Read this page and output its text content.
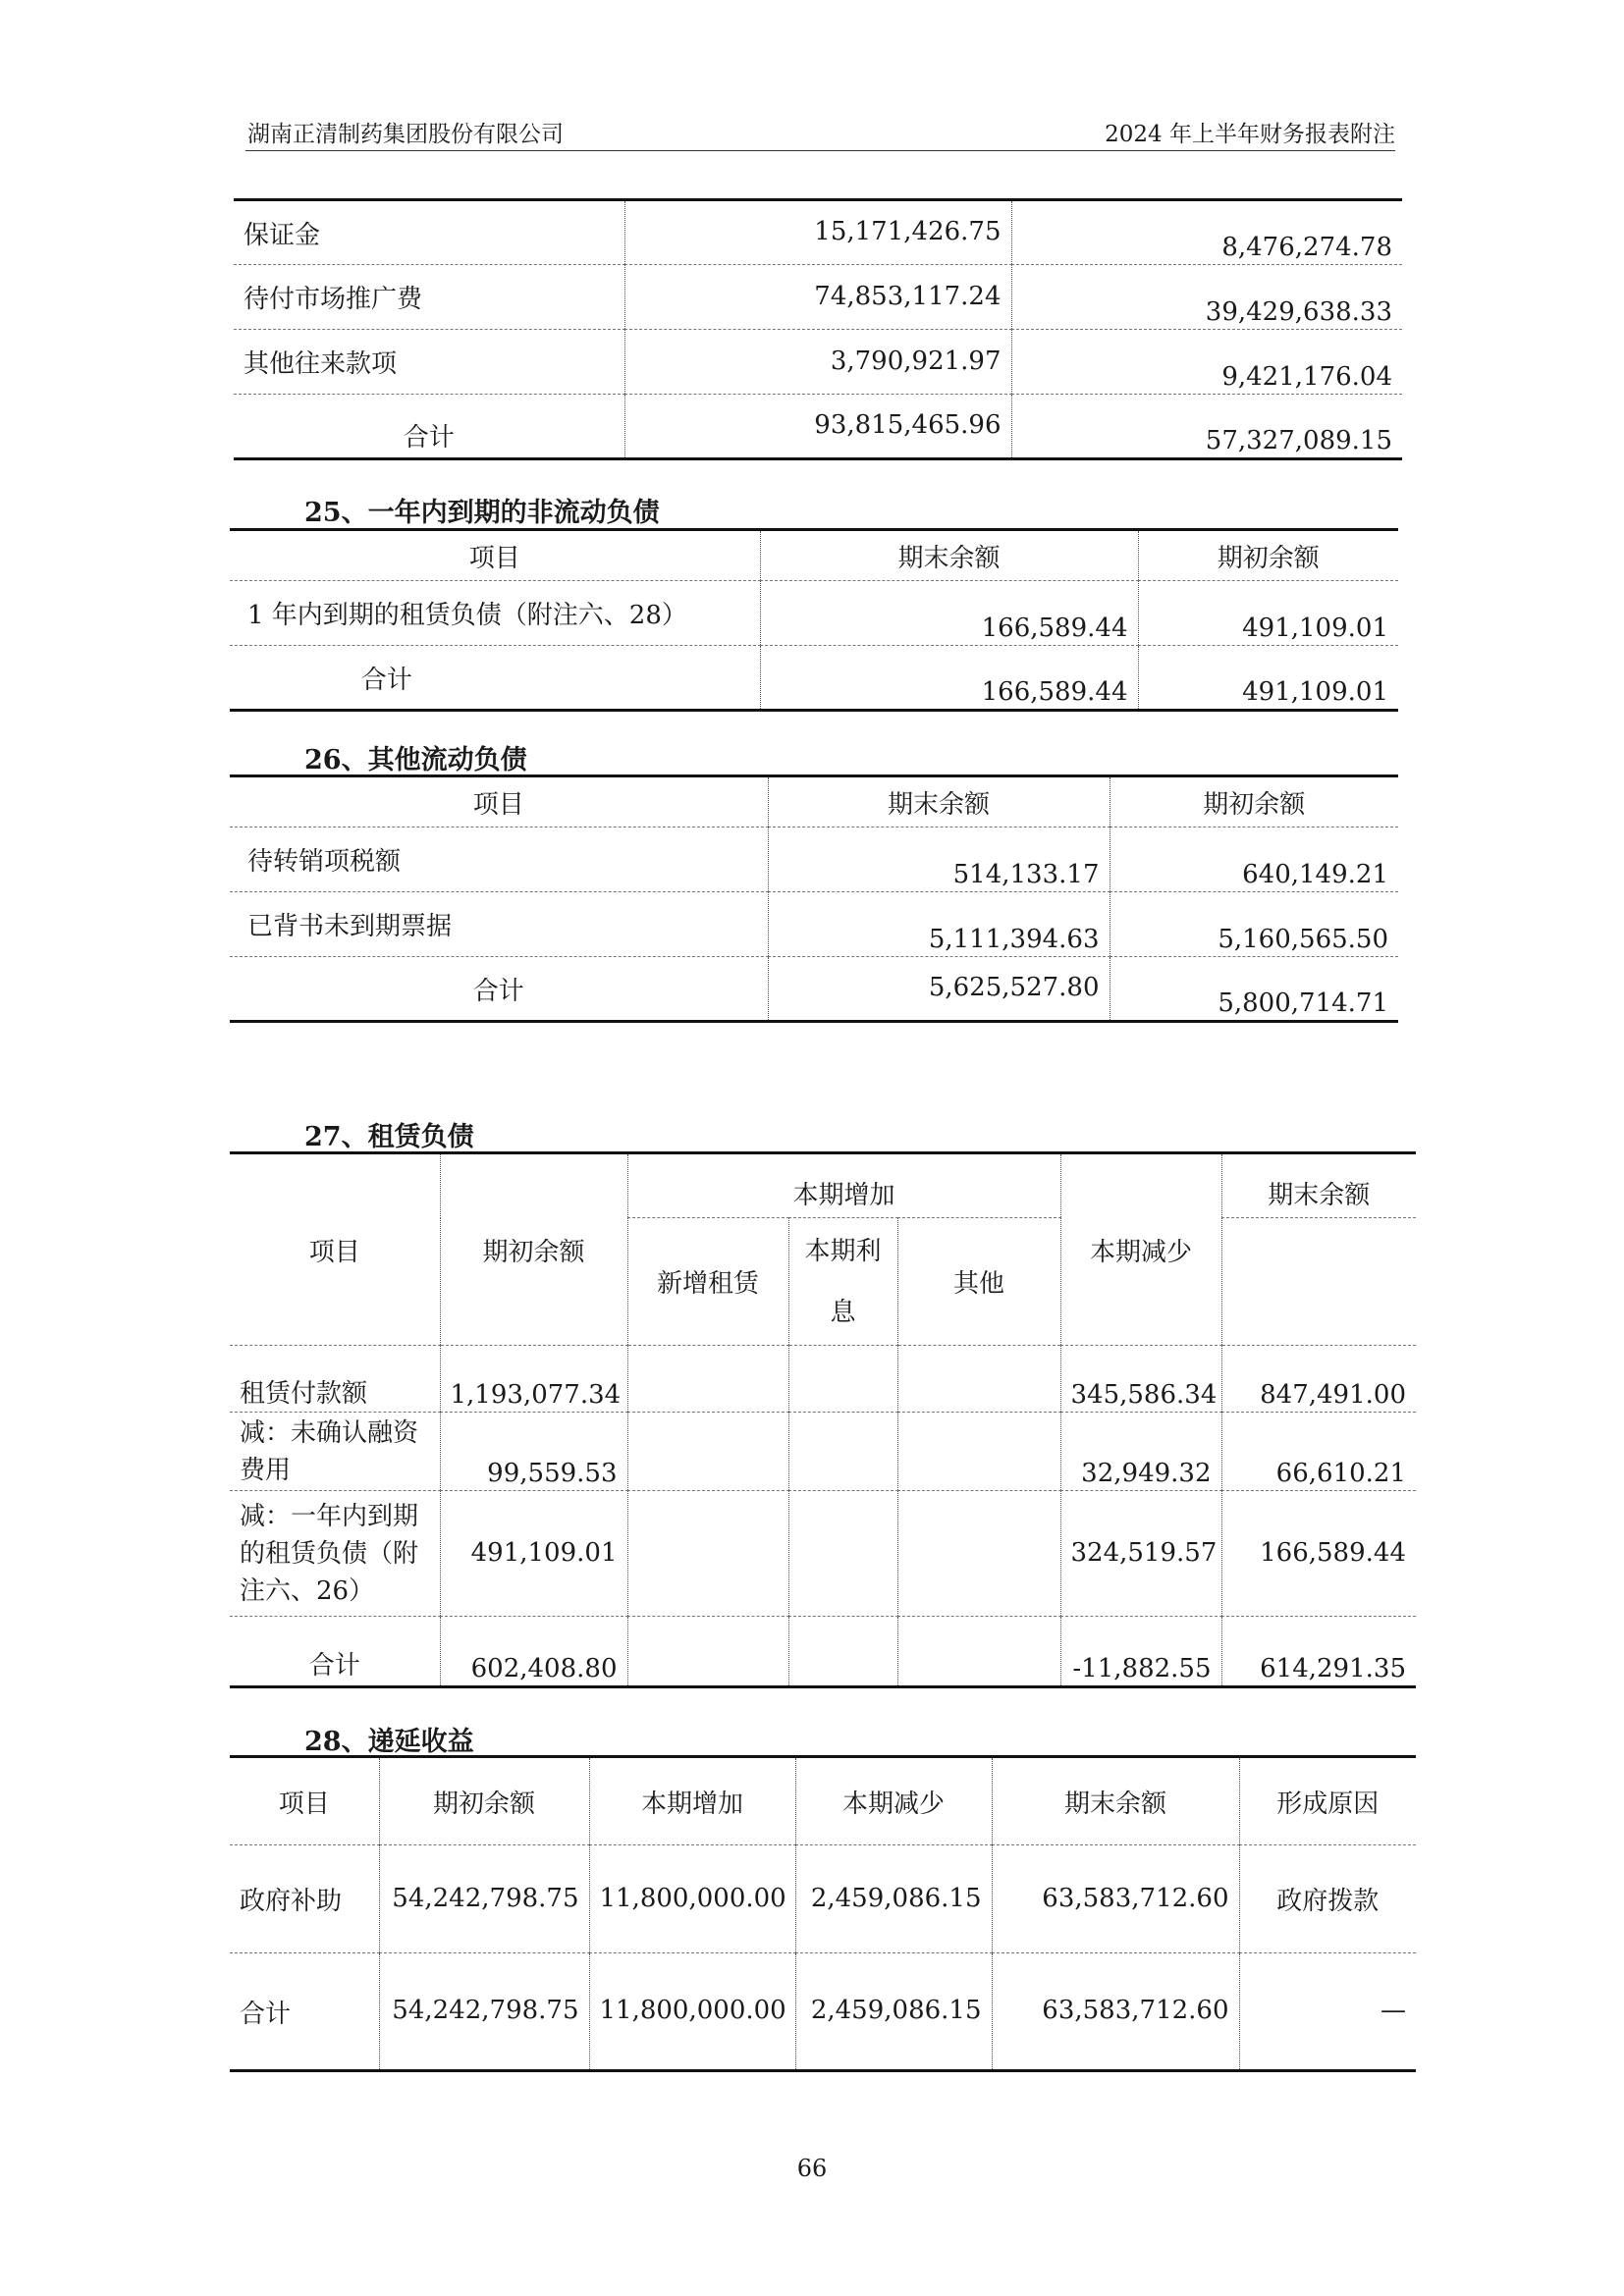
湖南正清制药集团股份有限公司	2024 年上半年财务报表附注
保证金	15,171,426.75	8,476,274.78
待付市场推广费	74,853,117.24	39,429,638.33
其他往来款项	3,790,921.97	9,421,176.04
合计	93,815,465.96	57,327,089.15
25、一年内到期的非流动负债
项目	期末余额	期初余额
1 年内到期的租赁负债（附注六、28）	166,589.44	491,109.01
合计	166,589.44	491,109.01
26、其他流动负债
项目	期末余额	期初余额
待转销项税额	514,133.17	640,149.21
已背书未到期票据	5,111,394.63	5,160,565.50
合计	5,625,527.80	5,800,714.71
27、租赁负债
项目	期初余额	本期增加			本期减少	期末余额
		新增租赁	本期利息	其他		
租赁付款额	1,193,077.34				345,586.34	847,491.00
减：未确认融资费用	99,559.53				32,949.32	66,610.21
减：一年内到期的租赁负债（附注六、26）	491,109.01				324,519.57	166,589.44
合计	602,408.80				-11,882.55	614,291.35
28、递延收益
项目	期初余额	本期增加	本期减少	期末余额	形成原因
政府补助	54,242,798.75	11,800,000.00	2,459,086.15	63,583,712.60	政府拨款
合计	54,242,798.75	11,800,000.00	2,459,086.15	63,583,712.60	—
66
